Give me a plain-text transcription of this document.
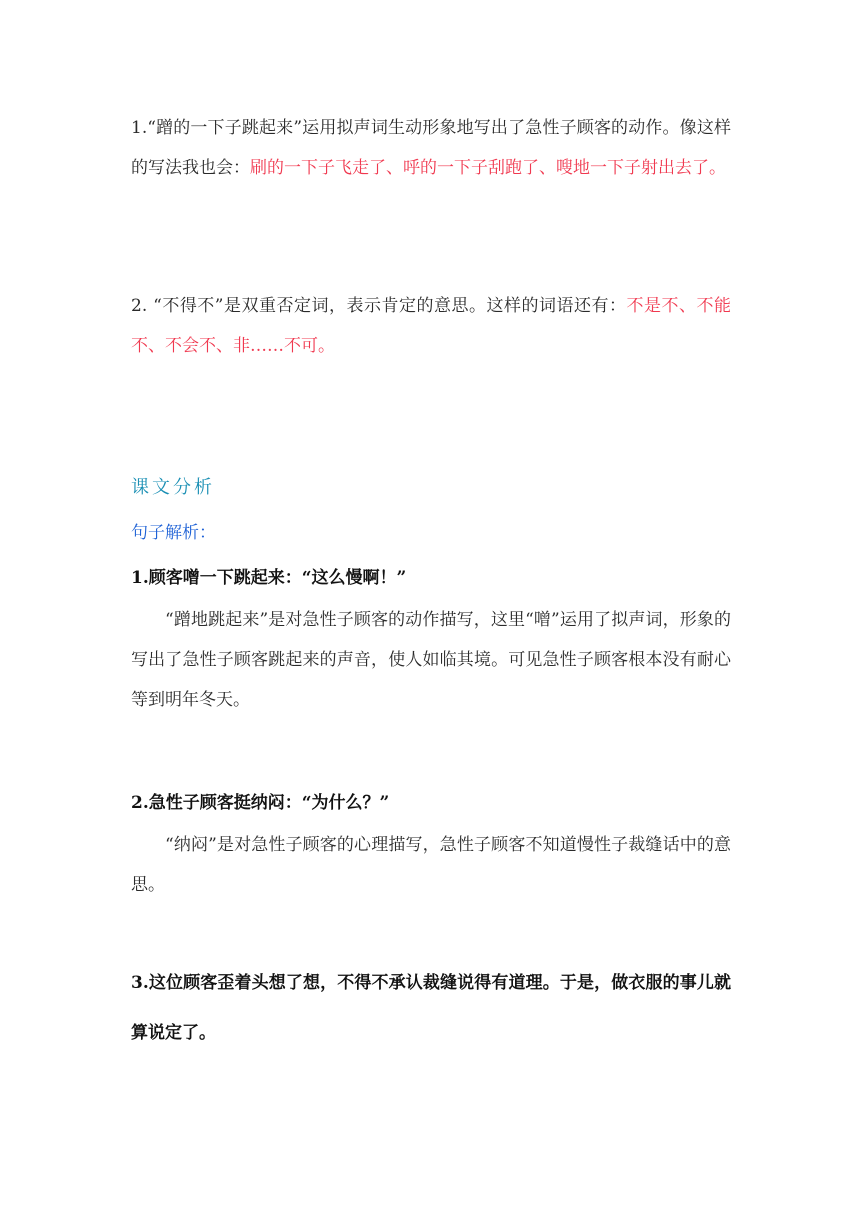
1.“蹭的一下子跳起来”运用拟声词生动形象地写出了急性子顾客的动作。像这样的写法我也会：刷的一下子飞走了、呼的一下子刮跑了、嗖地一下子射出去了。

2. “不得不”是双重否定词，表示肯定的意思。这样的词语还有：不是不、不能不、不会不、非……不可。

课文分析

句子解析：

1.顾客噌一下跳起来：“这么慢啊！”

“蹭地跳起来”是对急性子顾客的动作描写，这里“噌”运用了拟声词，形象的写出了急性子顾客跳起来的声音，使人如临其境。可见急性子顾客根本没有耐心等到明年冬天。

2.急性子顾客挺纳闷：“为什么？”

“纳闷”是对急性子顾客的心理描写，急性子顾客不知道慢性子裁缝话中的意思。

3.这位顾客歪着头想了想，不得不承认裁缝说得有道理。于是，做衣服的事儿就算说定了。
